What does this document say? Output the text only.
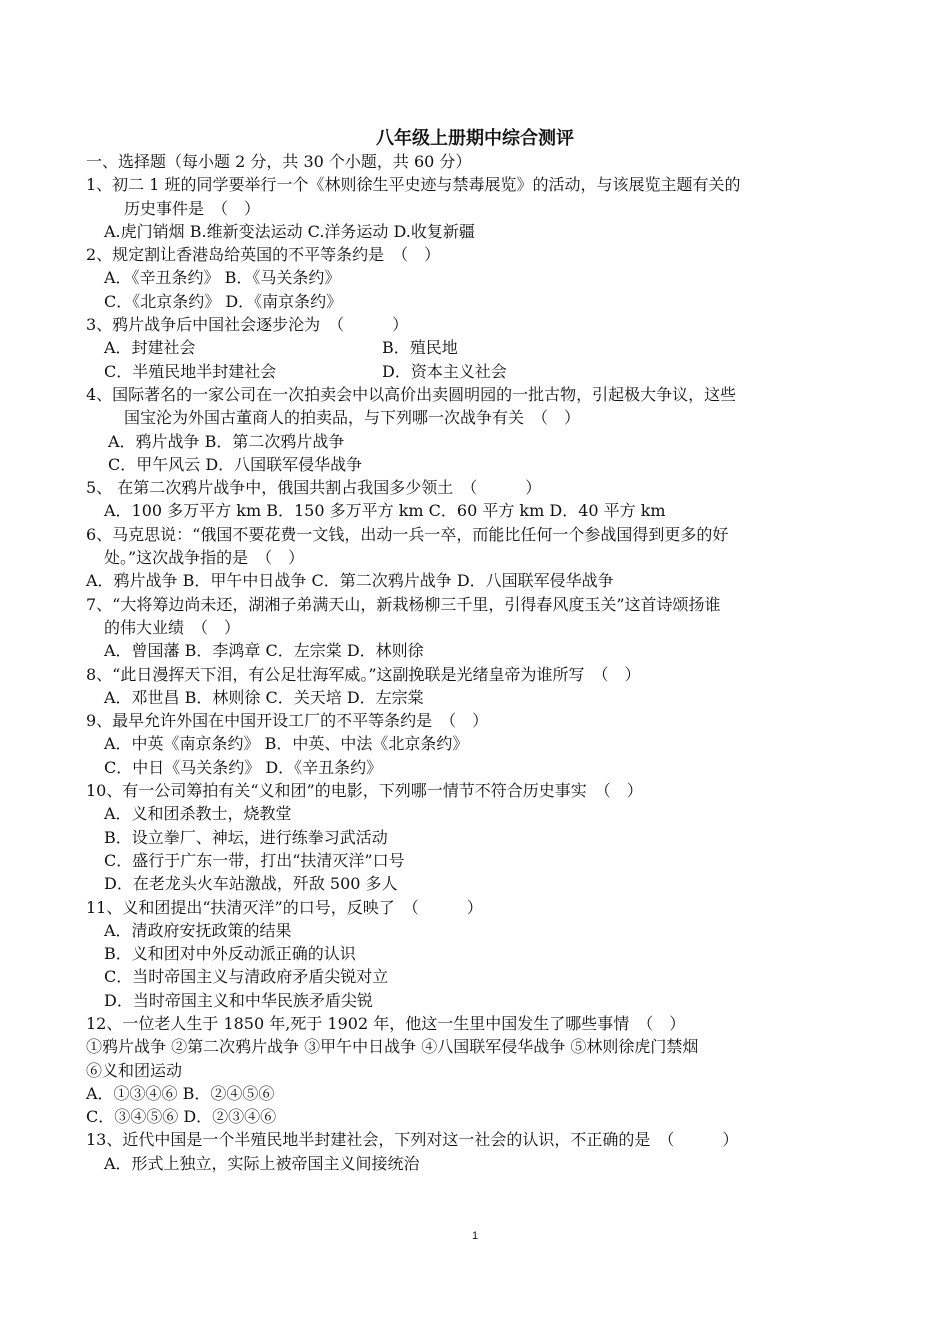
八年级上册期中综合测评
一、选择题（每小题 2 分，共 30 个小题，共 60 分）
1、初二 1 班的同学要举行一个《林则徐生平史迹与禁毒展览》的活动，与该展览主题有关的
历史事件是　（　）
A.虎门销烟 B.维新变法运动 C.洋务运动 D.收复新疆
2、规定割让香港岛给英国的不平等条约是　（　）
A．《辛丑条约》 B．《马关条约》
C．《北京条约》 D．《南京条约》
3、鸦片战争后中国社会逐步沦为　（　　　）
A．封建社会	B．殖民地
C．半殖民地半封建社会	D．资本主义社会
4、国际著名的一家公司在一次拍卖会中以高价出卖圆明园的一批古物，引起极大争议，这些
国宝沦为外国古董商人的拍卖品，与下列哪一次战争有关　（　）
A．鸦片战争 B．第二次鸦片战争
C．甲午风云 D．八国联军侵华战争
5、 在第二次鸦片战争中，俄国共割占我国多少领土　（　　　）
A．100 多万平方 km B．150 多万平方 km C．60 平方 km D．40 平方 km
6、马克思说：“俄国不要花费一文钱，出动一兵一卒，而能比任何一个参战国得到更多的好
处。”这次战争指的是　（　）
A．鸦片战争 B．甲午中日战争 C．第二次鸦片战争 D．八国联军侵华战争
7、“大将筹边尚未还，湖湘子弟满天山，新栽杨柳三千里，引得春风度玉关”这首诗颂扬谁
的伟大业绩　（　）
A．曾国藩 B．李鸿章 C．左宗棠 D．林则徐
8、“此日漫挥天下泪，有公足壮海军威。”这副挽联是光绪皇帝为谁所写　（　）
A．邓世昌 B．林则徐 C．关天培 D．左宗棠
9、最早允许外国在中国开设工厂的不平等条约是　（　）
A．中英《南京条约》 B．中英、中法《北京条约》
C．中日《马关条约》 D．《辛丑条约》
10、有一公司筹拍有关“义和团”的电影，下列哪一情节不符合历史事实　（　）
A．义和团杀教士，烧教堂
B．设立拳厂、神坛，进行练拳习武活动
C．盛行于广东一带，打出“扶清灭洋”口号
D．在老龙头火车站激战，歼敌 500 多人
11、义和团提出“扶清灭洋”的口号，反映了　（　　　）
A．清政府安抚政策的结果
B．义和团对中外反动派正确的认识
C．当时帝国主义与清政府矛盾尖锐对立
D．当时帝国主义和中华民族矛盾尖锐
12、一位老人生于 1850 年,死于 1902 年，他这一生里中国发生了哪些事情　（　）
①鸦片战争 ②第二次鸦片战争 ③甲午中日战争 ④八国联军侵华战争 ⑤林则徐虎门禁烟
⑥义和团运动
A．①③④⑥ B．②④⑤⑥
C．③④⑤⑥ D．②③④⑥
13、近代中国是一个半殖民地半封建社会，下列对这一社会的认识，不正确的是　（　　　）
A．形式上独立，实际上被帝国主义间接统治
1
